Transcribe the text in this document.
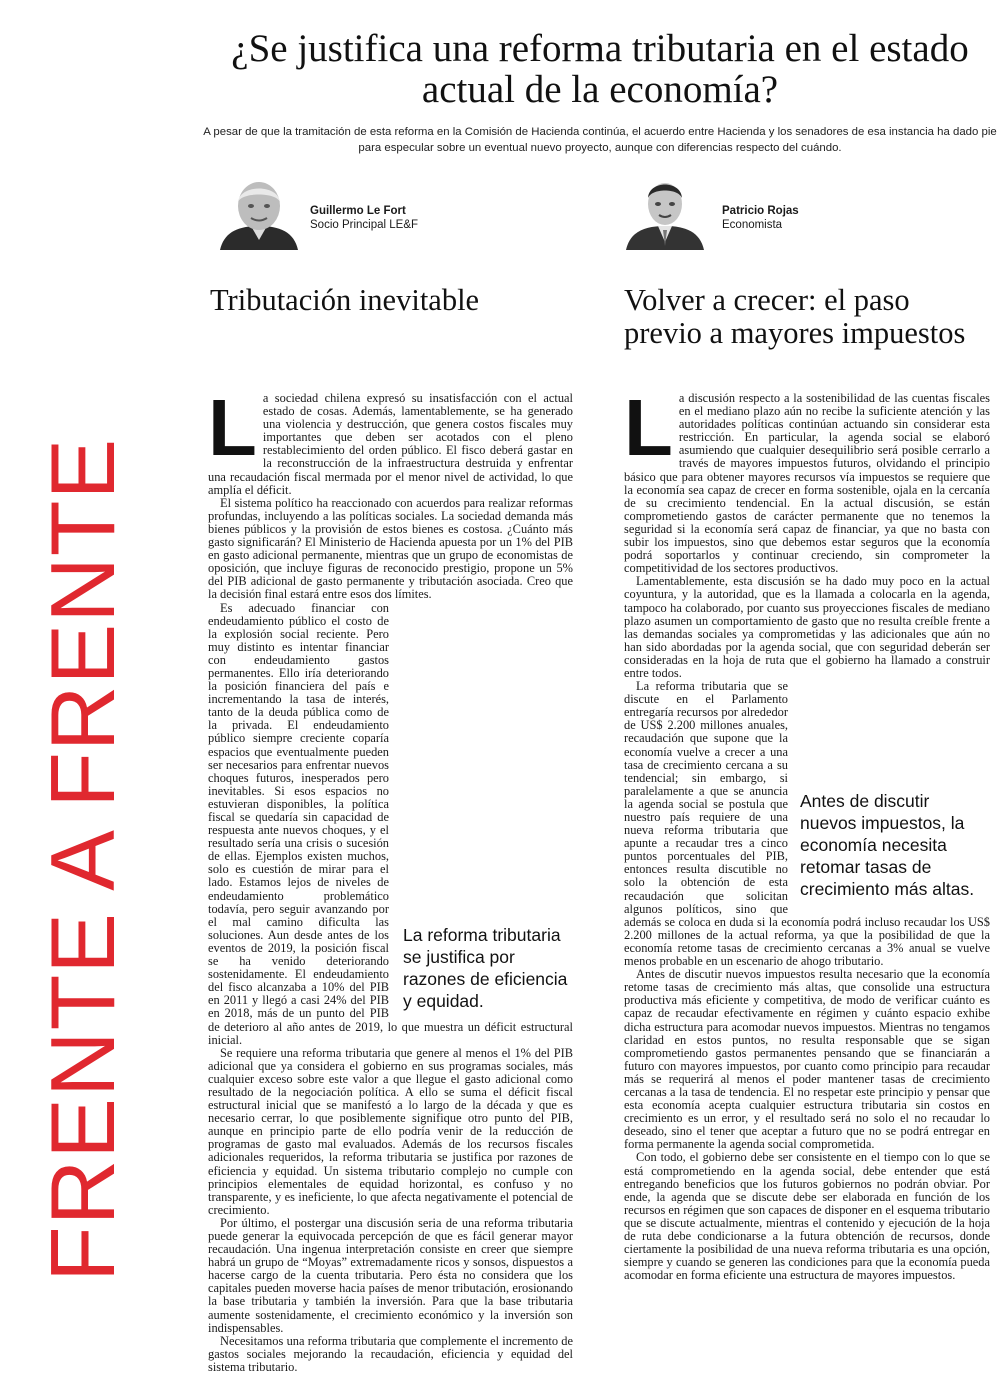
FRENTE A FRENTE
¿Se justifica una reforma tributaria en el estado actual de la economía?
A pesar de que la tramitación de esta reforma en la Comisión de Hacienda continúa, el acuerdo entre Hacienda y los senadores de esa instancia ha dado pie para especular sobre un eventual nuevo proyecto, aunque con diferencias respecto del cuándo.
Guillermo Le Fort
Socio Principal LE&F
Patricio Rojas
Economista
Tributación inevitable	Volver a crecer: el paso previo a mayores impuestos
L a sociedad chilena expresó su insatisfacción con el actual estado de cosas. Además, lamentablemente, se ha generado una violencia y destrucción, que genera costos fiscales muy importantes que deben ser acotados con el pleno restablecimiento del orden público. El fisco deberá gastar en la reconstrucción de la infraestructura destruida y enfrentar una recaudación fiscal mermada por el menor nivel de actividad, lo que amplía el déficit.

El sistema político ha reaccionado con acuerdos para realizar reformas profundas, incluyendo a las políticas sociales. La sociedad demanda más bienes públicos y la provisión de estos bienes es costosa. ¿Cuánto más gasto significarán? El Ministerio de Hacienda apuesta por un 1% del PIB en gasto adicional permanente, mientras que un grupo de economistas de oposición, que incluye figuras de reconocido prestigio, propone un 5% del PIB adicional de gasto permanente y tributación asociada. Creo que la decisión final estará entre esos dos límites.

La reforma tributaria se justifica por razones de eficiencia y equidad.

Es adecuado financiar con endeudamiento público el costo de la explosión social reciente. Pero muy distinto es intentar financiar con endeudamiento gastos permanentes. Ello iría deteriorando la posición financiera del país e incrementando la tasa de interés, tanto de la deuda pública como de la privada. El endeudamiento público siempre creciente coparía espacios que eventualmente pueden ser necesarios para enfrentar nuevos choques futuros, inesperados pero inevitables. Si esos espacios no estuvieran disponibles, la política fiscal se quedaría sin capacidad de respuesta ante nuevos choques, y el resultado sería una crisis o sucesión de ellas. Ejemplos existen muchos, solo es cuestión de mirar para el lado. Estamos lejos de niveles de endeudamiento problemático todavía, pero seguir avanzando por el mal camino dificulta las soluciones. Aun desde antes de los eventos de 2019, la posición fiscal se ha venido deteriorando sostenidamente. El endeudamiento del fisco alcanzaba a 10% del PIB en 2011 y llegó a casi 24% del PIB en 2018, más de un punto del PIB de deterioro al año antes de 2019, lo que muestra un déficit estructural inicial.

Se requiere una reforma tributaria que genere al menos el 1% del PIB adicional que ya considera el gobierno en sus programas sociales, más cualquier exceso sobre este valor a que llegue el gasto adicional como resultado de la negociación política. A ello se suma el déficit fiscal estructural inicial que se manifestó a lo largo de la década y que es necesario cerrar, lo que posiblemente signifique otro punto del PIB, aunque en principio parte de ello podría venir de la reducción de programas de gasto mal evaluados. Además de los recursos fiscales adicionales requeridos, la reforma tributaria se justifica por razones de eficiencia y equidad. Un sistema tributario complejo no cumple con principios elementales de equidad horizontal, es confuso y no transparente, y es ineficiente, lo que afecta negativamente el potencial de crecimiento.

Por último, el postergar una discusión seria de una reforma tributaria puede generar la equivocada percepción de que es fácil generar mayor recaudación. Una ingenua interpretación consiste en creer que siempre habrá un grupo de “Moyas” extremadamente ricos y sonsos, dispuestos a hacerse cargo de la cuenta tributaria. Pero ésta no considera que los capitales pueden moverse hacia países de menor tributación, erosionando la base tributaria y también la inversión. Para que la base tributaria aumente sostenidamente, el crecimiento económico y la inversión son indispensables.

Necesitamos una reforma tributaria que complemente el incremento de gastos sociales mejorando la recaudación, eficiencia y equidad del sistema tributario.

L a discusión respecto a la sostenibilidad de las cuentas fiscales en el mediano plazo aún no recibe la suficiente atención y las autoridades políticas continúan actuando sin considerar esta restricción. En particular, la agenda social se elaboró asumiendo que cualquier desequilibrio será posible cerrarlo a través de mayores impuestos futuros, olvidando el principio básico que para obtener mayores recursos vía impuestos se requiere que la economía sea capaz de crecer en forma sostenible, ojala en la cercanía de su crecimiento tendencial. En la actual discusión, se están comprometiendo gastos de carácter permanente que no tenemos la seguridad si la economía será capaz de financiar, ya que no basta con subir los impuestos, sino que debemos estar seguros que la economía podrá soportarlos y continuar creciendo, sin comprometer la competitividad de los sectores productivos.

Lamentablemente, esta discusión se ha dado muy poco en la actual coyuntura, y la autoridad, que es la llamada a colocarla en la agenda, tampoco ha colaborado, por cuanto sus proyecciones fiscales de mediano plazo asumen un comportamiento de gasto que no resulta creíble frente a las demandas sociales ya comprometidas y las adicionales que aún no han sido abordadas por la agenda social, que con seguridad deberán ser consideradas en la hoja de ruta que el gobierno ha llamado a construir entre todos.

Antes de discutir nuevos impuestos, la economía necesita retomar tasas de crecimiento más altas.

La reforma tributaria que se discute en el Parlamento entregaría recursos por alrededor de US$ 2.200 millones anuales, recaudación que supone que la economía vuelve a crecer a una tasa de crecimiento cercana a su tendencial; sin embargo, si paralelamente a que se anuncia la agenda social se postula que nuestro país requiere de una nueva reforma tributaria que apunte a recaudar tres a cinco puntos porcentuales del PIB, entonces resulta discutible no solo la obtención de esta recaudación que solicitan algunos políticos, sino que además se coloca en duda si la economía podrá incluso recaudar los US$ 2.200 millones de la actual reforma, ya que la posibilidad de que la economía retome tasas de crecimiento cercanas a 3% anual se vuelve menos probable en un escenario de ahogo tributario.

Antes de discutir nuevos impuestos resulta necesario que la economía retome tasas de crecimiento más altas, que consolide una estructura productiva más eficiente y competitiva, de modo de verificar cuánto es capaz de recaudar efectivamente en régimen y cuánto espacio exhibe dicha estructura para acomodar nuevos impuestos. Mientras no tengamos claridad en estos puntos, no resulta responsable que se sigan comprometiendo gastos permanentes pensando que se financiarán a futuro con mayores impuestos, por cuanto como principio para recaudar más se requerirá al menos el poder mantener tasas de crecimiento cercanas a la tasa de tendencia. El no respetar este principio y pensar que esta economía acepta cualquier estructura tributaria sin costos en crecimiento es un error, y el resultado será no solo el no recaudar lo deseado, sino el tener que aceptar a futuro que no se podrá entregar en forma permanente la agenda social comprometida.

Con todo, el gobierno debe ser consistente en el tiempo con lo que se está comprometiendo en la agenda social, debe entender que está entregando beneficios que los futuros gobiernos no podrán obviar. Por ende, la agenda que se discute debe ser elaborada en función de los recursos en régimen que son capaces de disponer en el esquema tributario que se discute actualmente, mientras el contenido y ejecución de la hoja de ruta debe condicionarse a la futura obtención de recursos, donde ciertamente la posibilidad de una nueva reforma tributaria es una opción, siempre y cuando se generen las condiciones para que la economía pueda acomodar en forma eficiente una estructura de mayores impuestos.
